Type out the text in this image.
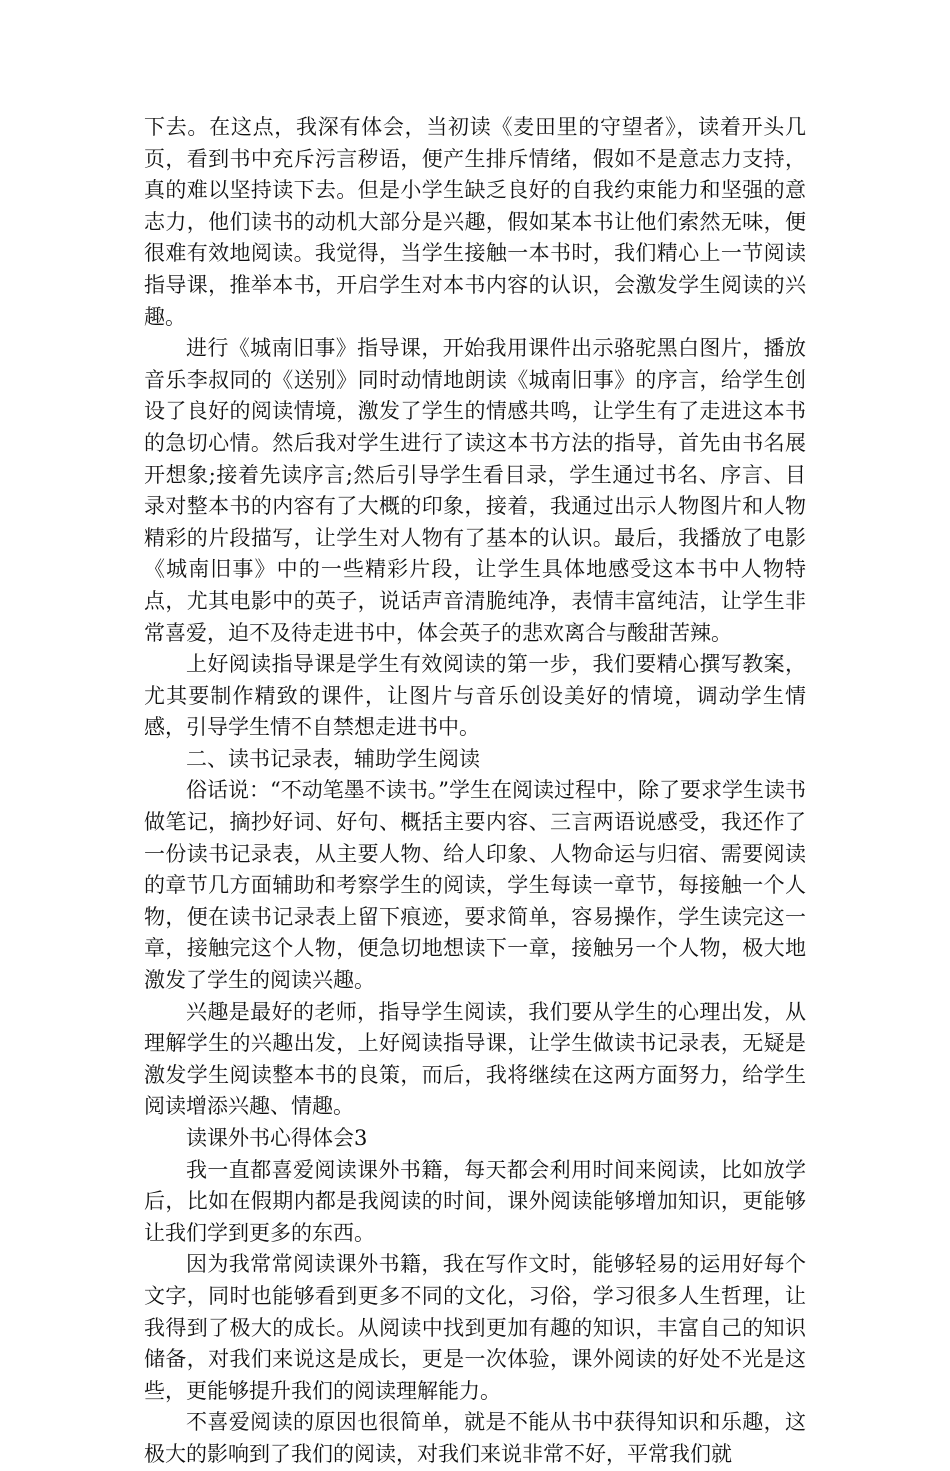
下去。在这点，我深有体会，当初读《麦田里的守望者》，读着开头几页，看到书中充斥污言秽语，便产生排斥情绪，假如不是意志力支持，真的难以坚持读下去。但是小学生缺乏良好的自我约束能力和坚强的意志力，他们读书的动机大部分是兴趣，假如某本书让他们索然无味，便很难有效地阅读。我觉得，当学生接触一本书时，我们精心上一节阅读指导课，推举本书，开启学生对本书内容的认识，会激发学生阅读的兴趣。

进行《城南旧事》指导课，开始我用课件出示骆驼黑白图片，播放音乐李叔同的《送别》同时动情地朗读《城南旧事》的序言，给学生创设了良好的阅读情境，激发了学生的情感共鸣，让学生有了走进这本书的急切心情。然后我对学生进行了读这本书方法的指导，首先由书名展开想象;接着先读序言;然后引导学生看目录，学生通过书名、序言、目录对整本书的内容有了大概的印象，接着，我通过出示人物图片和人物精彩的片段描写，让学生对人物有了基本的认识。最后，我播放了电影《城南旧事》中的一些精彩片段，让学生具体地感受这本书中人物特点，尤其电影中的英子，说话声音清脆纯净，表情丰富纯洁，让学生非常喜爱，迫不及待走进书中，体会英子的悲欢离合与酸甜苦辣。

上好阅读指导课是学生有效阅读的第一步，我们要精心撰写教案，尤其要制作精致的课件，让图片与音乐创设美好的情境，调动学生情感，引导学生情不自禁想走进书中。

二、读书记录表，辅助学生阅读

俗话说：“不动笔墨不读书。”学生在阅读过程中，除了要求学生读书做笔记，摘抄好词、好句、概括主要内容、三言两语说感受，我还作了一份读书记录表，从主要人物、给人印象、人物命运与归宿、需要阅读的章节几方面辅助和考察学生的阅读，学生每读一章节，每接触一个人物，便在读书记录表上留下痕迹，要求简单，容易操作，学生读完这一章，接触完这个人物，便急切地想读下一章，接触另一个人物，极大地激发了学生的阅读兴趣。

兴趣是最好的老师，指导学生阅读，我们要从学生的心理出发，从理解学生的兴趣出发，上好阅读指导课，让学生做读书记录表，无疑是激发学生阅读整本书的良策，而后，我将继续在这两方面努力，给学生阅读增添兴趣、情趣。

读课外书心得体会3

我一直都喜爱阅读课外书籍，每天都会利用时间来阅读，比如放学后，比如在假期内都是我阅读的时间，课外阅读能够增加知识，更能够让我们学到更多的东西。

因为我常常阅读课外书籍，我在写作文时，能够轻易的运用好每个文字，同时也能够看到更多不同的文化，习俗，学习很多人生哲理，让我得到了极大的成长。从阅读中找到更加有趣的知识，丰富自己的知识储备，对我们来说这是成长，更是一次体验，课外阅读的好处不光是这些，更能够提升我们的阅读理解能力。

不喜爱阅读的原因也很简单，就是不能从书中获得知识和乐趣，这极大的影响到了我们的阅读，对我们来说非常不好，平常我们就
